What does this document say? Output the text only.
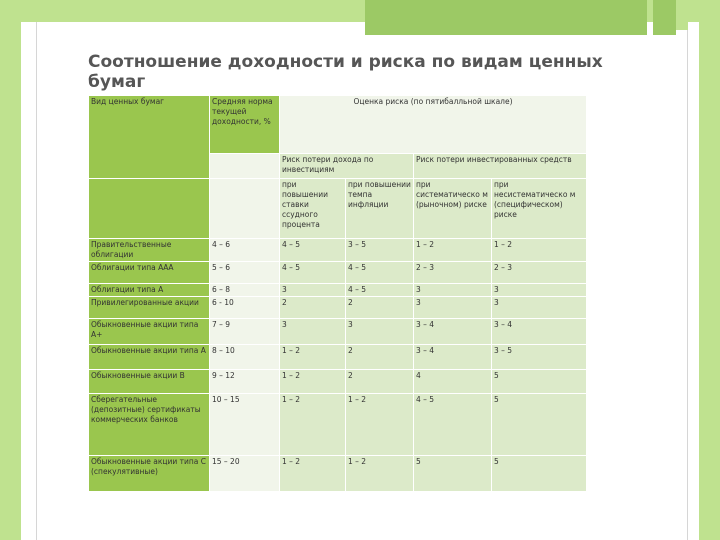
Соотношение доходности и риска по видам ценных бумаг
Вид ценных бумаг	Средняя норма текущей доходности, %	Оценка риска (по пятибалльной шкале)			
		Риск потери дохода по инвестициям		Риск потери инвестированных средств	
		при повышении ставки ссудного процента	при повышении темпа инфляции	при систематическо м (рыночном) риске	при несистематическо м (специфическом) риске
Правительственные облигации	4 – 6	4 – 5	3 – 5	1 – 2	1 – 2
Облигации типа ААА	5 – 6	4 – 5	4 – 5	2 – 3	2 – 3
Облигации типа А	6 – 8	3	4 – 5	3	3
Привилегированные акции	6 - 10	2	2	3	3
Обыкновенные акции типа А+	7 – 9	3	3	3 – 4	3 – 4
Обыкновенные акции типа А	8 – 10	1 – 2	2	3 – 4	3 – 5
Обыкновенные акции В	9 – 12	1 – 2	2	4	5
Сберегательные (депозитные) сертификаты коммерческих банков	10 – 15	1 – 2	1 – 2	4 – 5	5
Обыкновенные акции типа С (спекулятивные)	15 – 20	1 – 2	1 – 2	5	5
